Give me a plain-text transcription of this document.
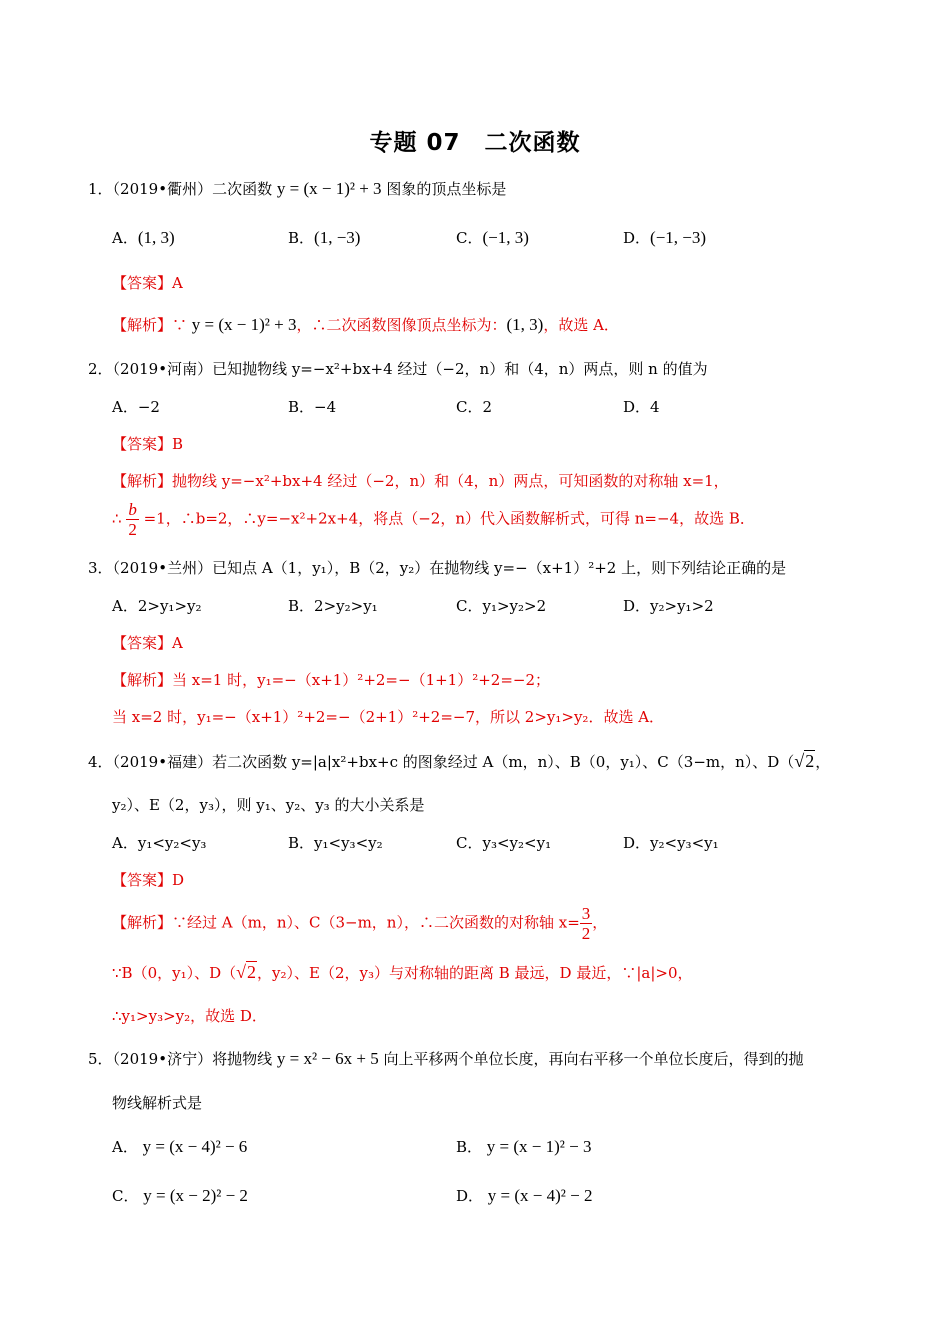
专题 07　二次函数
1．（2019•衢州）二次函数 y = (x − 1)² + 3 图象的顶点坐标是
A．(1, 3)	B．(1, −3)	C．(−1, 3)	D．(−1, −3)
【答案】A
【解析】∵ y = (x − 1)² + 3，∴二次函数图像顶点坐标为：(1, 3)，故选 A．
2．（2019•河南）已知抛物线 y=−x²+bx+4 经过（−2，n）和（4，n）两点，则 n 的值为
A．−2	B．−4	C．2	D．4
【答案】B
【解析】抛物线 y=−x²+bx+4 经过（−2，n）和（4，n）两点，可知函数的对称轴 x=1，
∴ $\frac{b}{2} =1$，∴b=2，∴y=−x²+2x+4，将点（−2，n）代入函数解析式，可得 n=−4，故选 B．
3．（2019•兰州）已知点 A（1，y₁），B（2，y₂）在抛物线 y=−（x+1）²+2 上，则下列结论正确的是
A．2>y₁>y₂	B．2>y₂>y₁	C．y₁>y₂>2	D．y₂>y₁>2
【答案】A
【解析】当 x=1 时，y₁=−（x+1）²+2=−（1+1）²+2=−2；
当 x=2 时，y₁=−（x+1）²+2=−（2+1）²+2=−7，所以 2>y₁>y₂．故选 A．
4．（2019•福建）若二次函数 y=|a|x²+bx+c 的图象经过 A（m，n）、B（0，y₁）、C（3−m，n）、D（√2，
y₂）、E（2，y₃），则 y₁、y₂、y₃ 的大小关系是
A．y₁<y₂<y₃	B．y₁<y₃<y₂	C．y₃<y₂<y₁	D．y₂<y₃<y₁
【答案】D
【解析】∵经过 A（m，n）、C（3−m，n），∴二次函数的对称轴 $x= \frac{3}{2}$ ，
∵B（0，y₁）、D（√2，y₂）、E（2，y₃）与对称轴的距离 B 最远，D 最近，∵|a|>0，
∴y₁>y₃>y₂，故选 D．
5．（2019•济宁）将抛物线 y = x² − 6x + 5 向上平移两个单位长度，再向右平移一个单位长度后，得到的抛
物线解析式是
A． y = (x − 4)² − 6	B． y = (x − 1)² − 3
C． y = (x − 2)² − 2	D． y = (x − 4)² − 2
